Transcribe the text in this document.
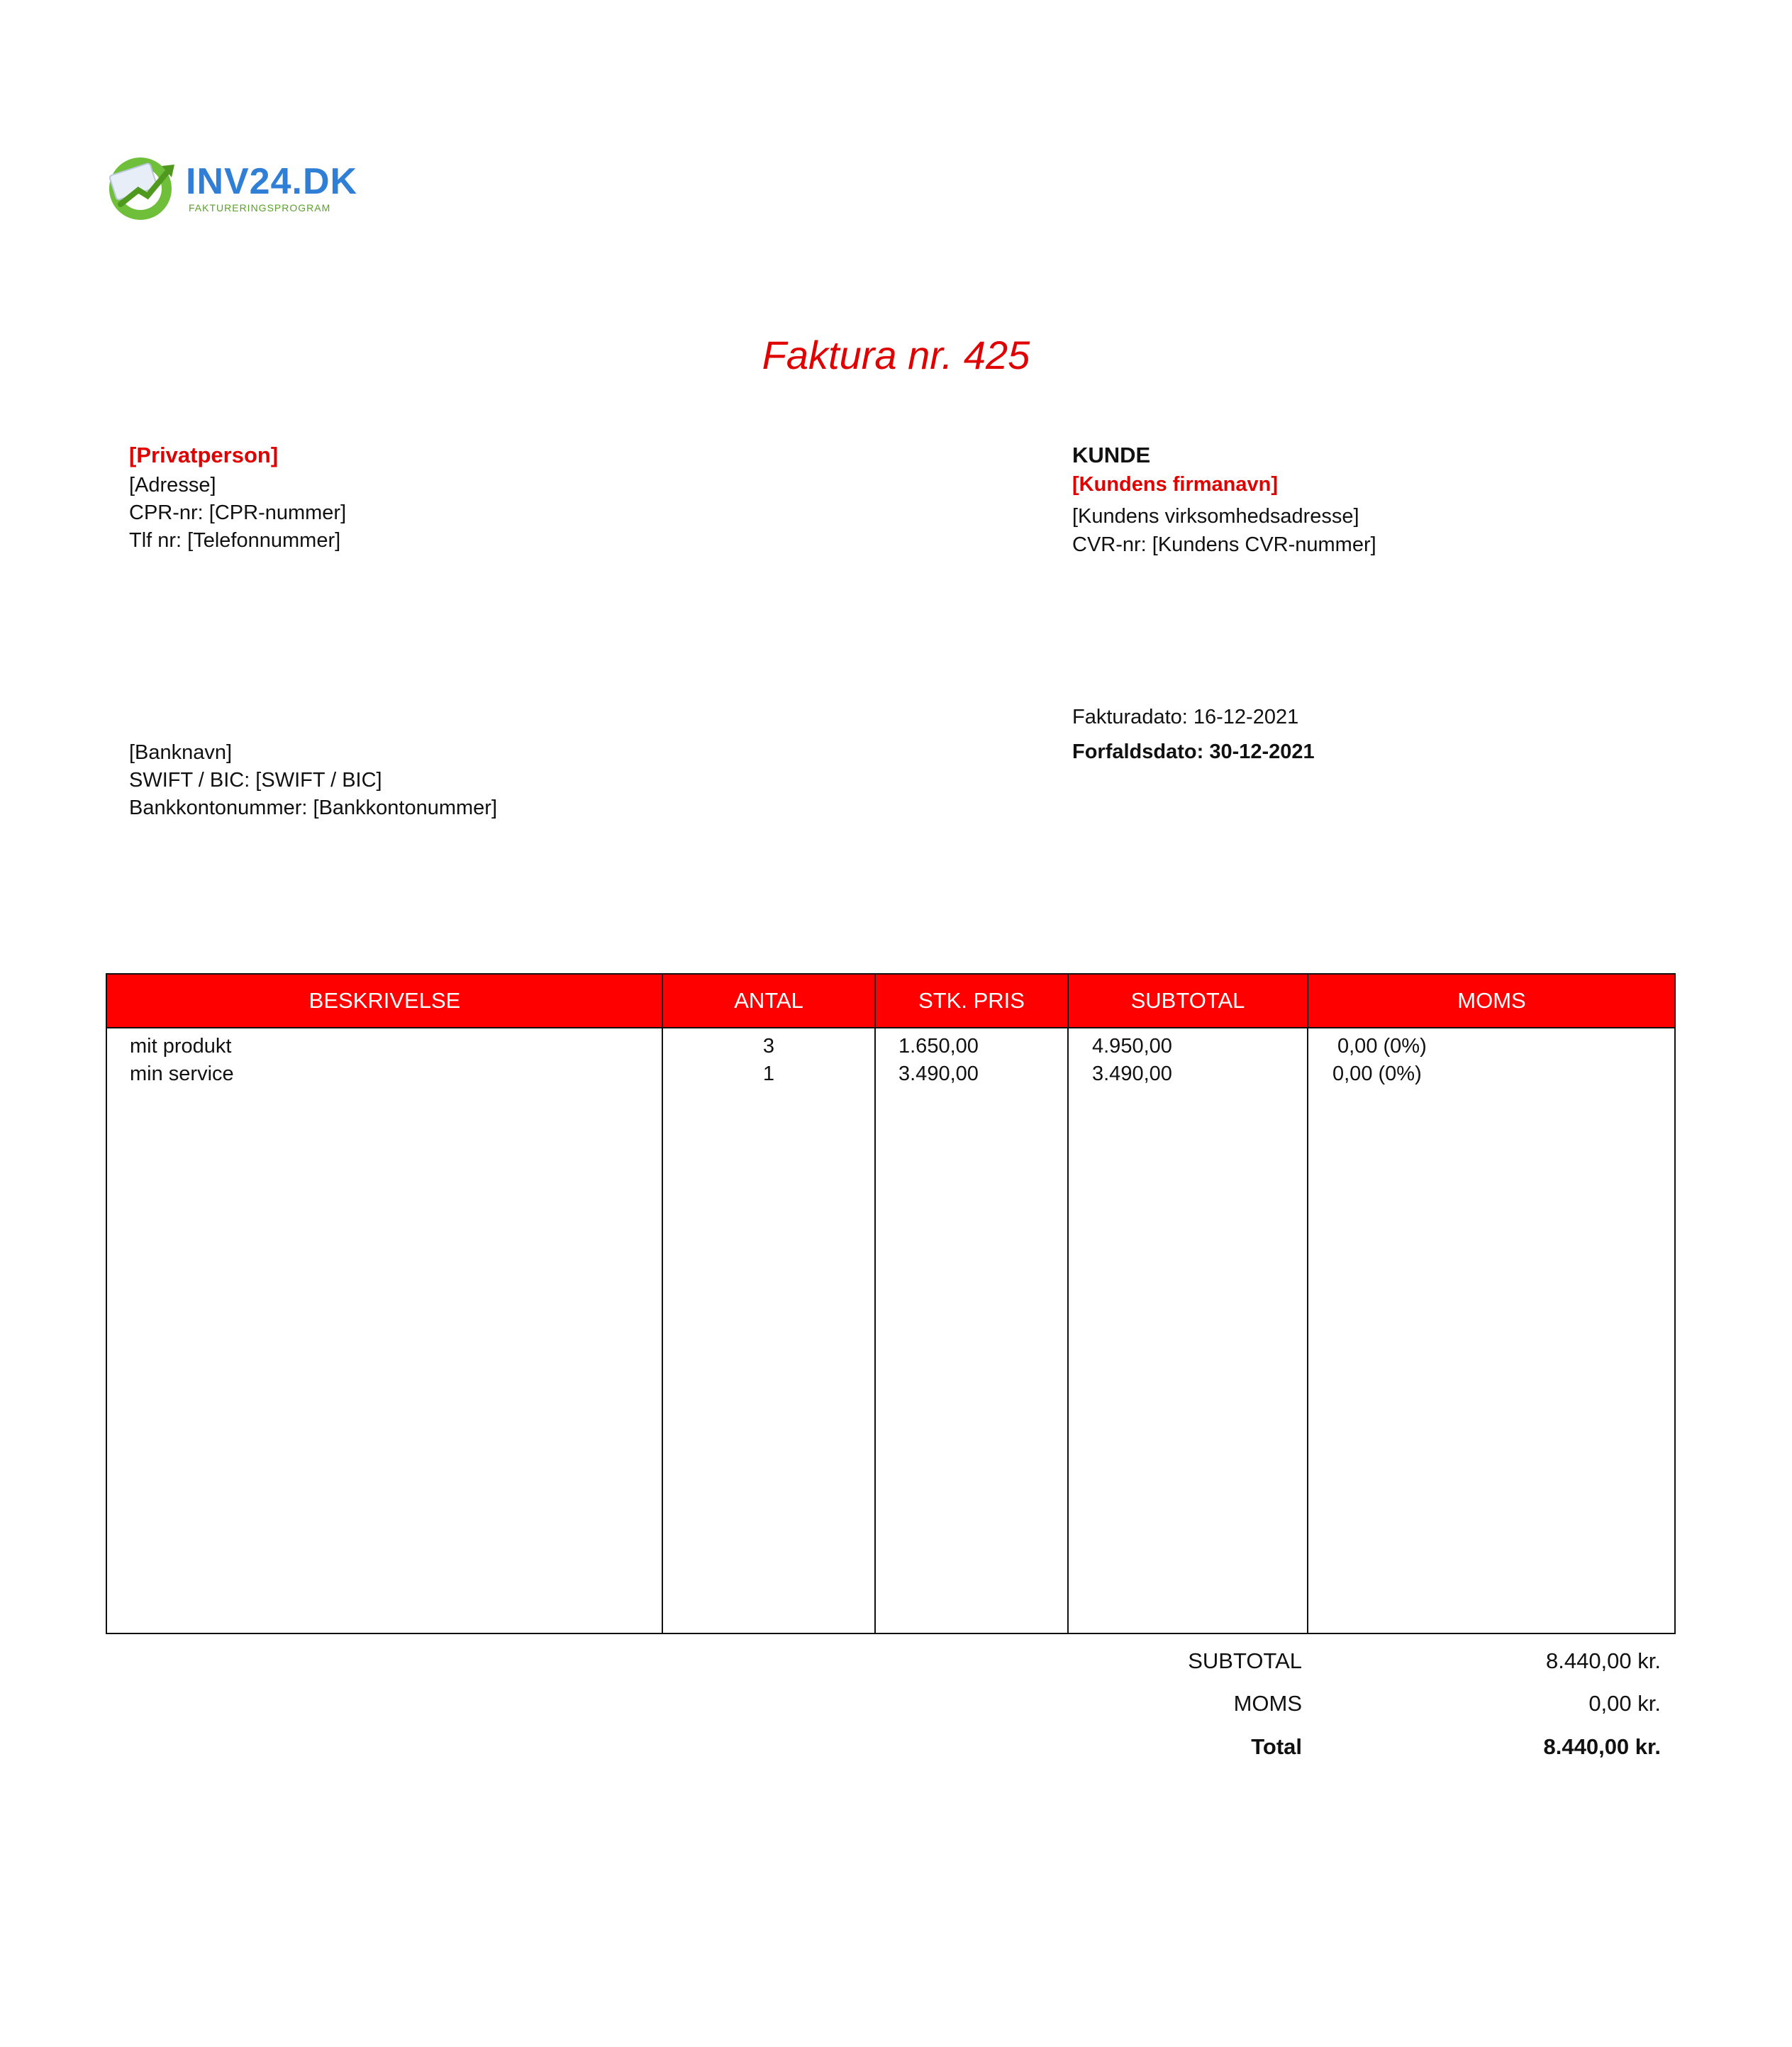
INV24.DK
FAKTURERINGSPROGRAM
Faktura nr. 425
[Privatperson]
[Adresse]
CPR-nr: [CPR-nummer]
Tlf nr: [Telefonnummer]
KUNDE
[Kundens firmanavn]
[Kundens virksomhedsadresse]
CVR-nr: [Kundens CVR-nummer]
[Banknavn]
SWIFT / BIC: [SWIFT / BIC]
Bankkontonummer: [Bankkontonummer]
Fakturadato: 16-12-2021
Forfaldsdato: 30-12-2021
BESKRIVELSE	ANTAL	STK. PRIS	SUBTOTAL	MOMS
mit produkt	3	1.650,00	4.950,00	0,00 (0%)
min service	1	3.490,00	3.490,00	0,00 (0%)
SUBTOTAL	8.440,00 kr.
MOMS	0,00 kr.
Total	8.440,00 kr.
